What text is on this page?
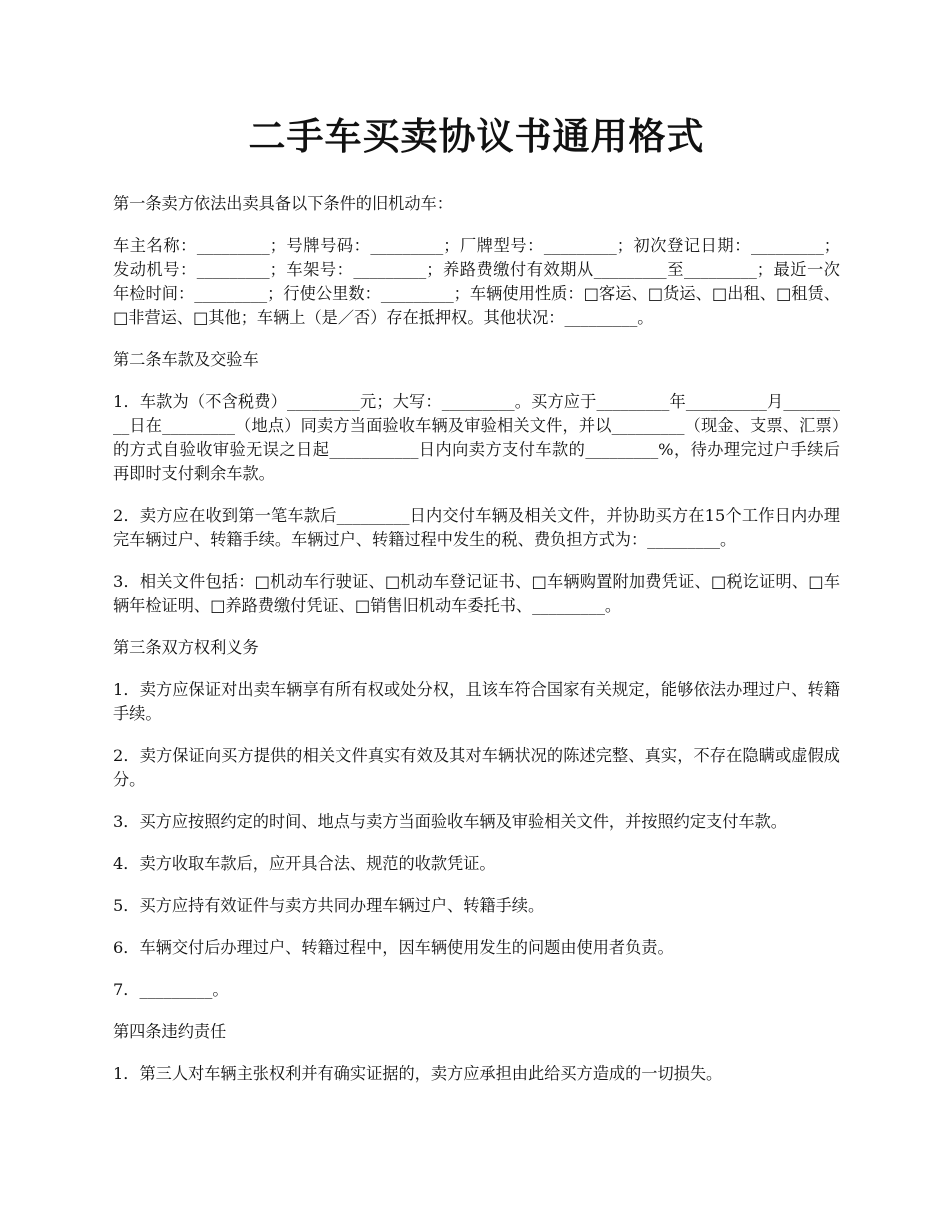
二手车买卖协议书通用格式

第一条卖方依法出卖具备以下条件的旧机动车：

车主名称：_________；号牌号码：_________；厂牌型号：_________；初次登记日期：_________；发动机号：_________；车架号：_________；养路费缴付有效期从_________至_________；最近一次年检时间：_________；行使公里数：_________；车辆使用性质：□客运、□货运、□出租、□租赁、□非营运、□其他；车辆上（是／否）存在抵押权。其他状况：_________。

第二条车款及交验车

1．车款为（不含税费）_________元；大写：_________。买方应于_________年__________月_________日在_________（地点）同卖方当面验收车辆及审验相关文件，并以_________（现金、支票、汇票）的方式自验收审验无误之日起___________日内向卖方支付车款的_________%，待办理完过户手续后再即时支付剩余车款。

2．卖方应在收到第一笔车款后_________日内交付车辆及相关文件，并协助买方在15个工作日内办理完车辆过户、转籍手续。车辆过户、转籍过程中发生的税、费负担方式为：_________。

3．相关文件包括：□机动车行驶证、□机动车登记证书、□车辆购置附加费凭证、□税讫证明、□车辆年检证明、□养路费缴付凭证、□销售旧机动车委托书、_________。

第三条双方权利义务

1．卖方应保证对出卖车辆享有所有权或处分权，且该车符合国家有关规定，能够依法办理过户、转籍手续。

2．卖方保证向买方提供的相关文件真实有效及其对车辆状况的陈述完整、真实，不存在隐瞒或虚假成分。

3．买方应按照约定的时间、地点与卖方当面验收车辆及审验相关文件，并按照约定支付车款。

4．卖方收取车款后，应开具合法、规范的收款凭证。

5．买方应持有效证件与卖方共同办理车辆过户、转籍手续。

6．车辆交付后办理过户、转籍过程中，因车辆使用发生的问题由使用者负责。

7．_________。

第四条违约责任

1．第三人对车辆主张权利并有确实证据的，卖方应承担由此给买方造成的一切损失。
